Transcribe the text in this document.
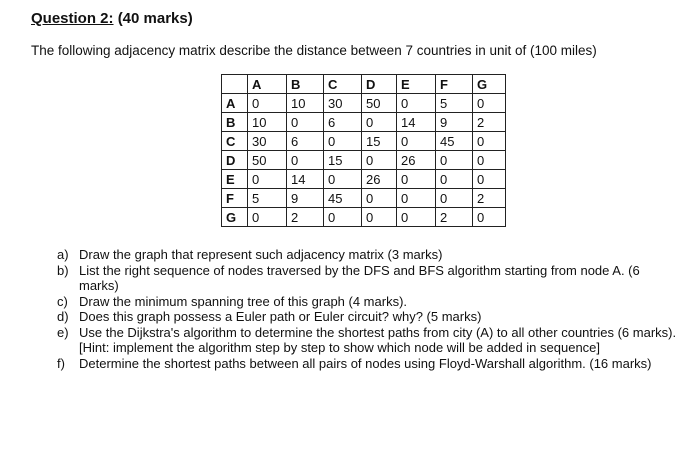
Question 2: (40 marks)
The following adjacency matrix describe the distance between 7 countries in unit of (100 miles)
	A	B	C	D	E	F	G
A	0	10	30	50	0	5	0
B	10	0	6	0	14	9	2
C	30	6	0	15	0	45	0
D	50	0	15	0	26	0	0
E	0	14	0	26	0	0	0
F	5	9	45	0	0	0	2
G	0	2	0	0	0	2	0
a) Draw the graph that represent such adjacency matrix (3 marks)
b) List the right sequence of nodes traversed by the DFS and BFS algorithm starting from node A. (6 marks)
c) Draw the minimum spanning tree of this graph (4 marks).
d) Does this graph possess a Euler path or Euler circuit? why? (5 marks)
e) Use the Dijkstra's algorithm to determine the shortest paths from city (A) to all other countries (6 marks).
[Hint: implement the algorithm step by step to show which node will be added in sequence]
f) Determine the shortest paths between all pairs of nodes using Floyd-Warshall algorithm. (16 marks)
